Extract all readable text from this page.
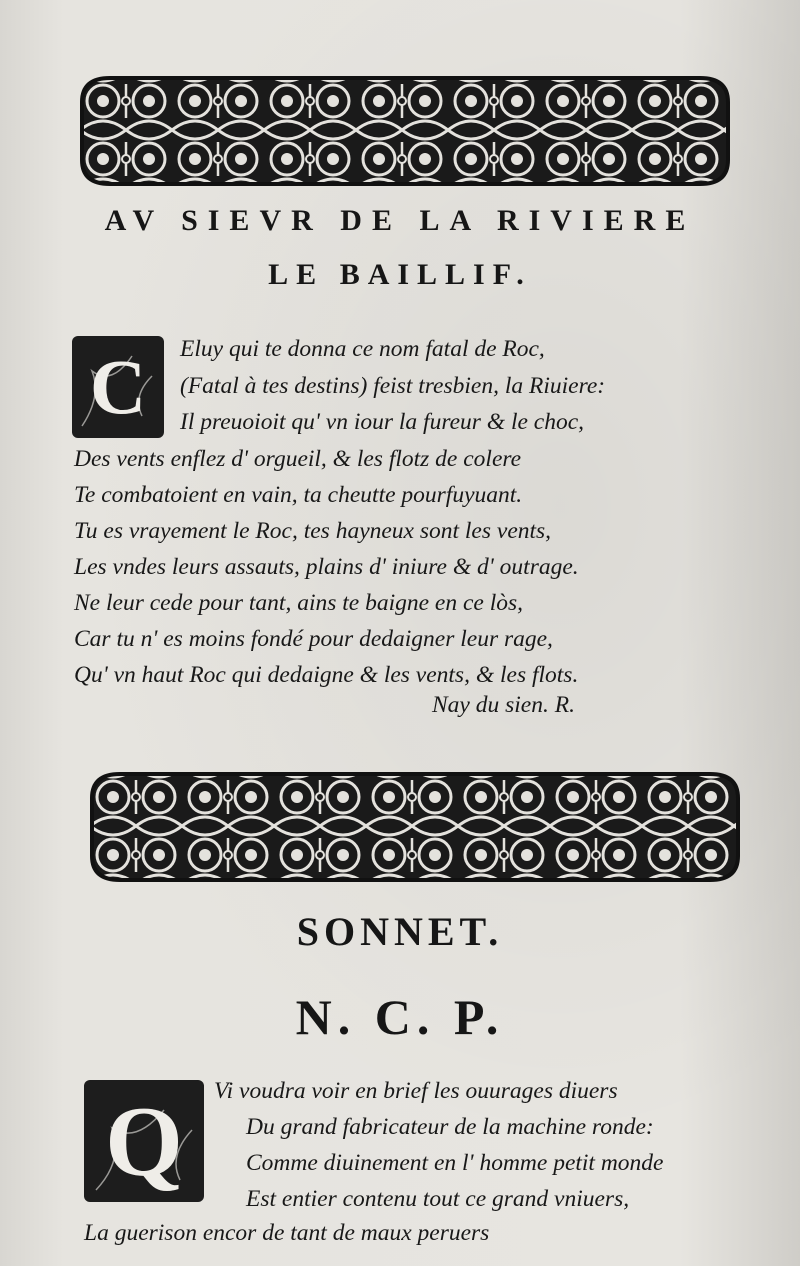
AV SIEVR DE LA RIVIERE
LE BAILLIF.
C Eluy qui te donna ce nom fatal de Roc,
(Fatal à tes destins) feist tresbien, la Riuiere:
Il preuoioit qu' vn iour la fureur & le choc,
Des vents enflez d' orgueil, & les flotz de colere
Te combatoient en vain, ta cheutte pourfuyuant.
Tu es vrayement le Roc, tes hayneux sont les vents,
Les vndes leurs assauts, plains d' iniure & d' outrage.
Ne leur cede pour tant, ains te baigne en ce lòs,
Car tu n' es moins fondé pour dedaigner leur rage,
Qu' vn haut Roc qui dedaigne & les vents, & les flots.
Nay du sien. R.
SONNET.
N. C. P.
Q Vi voudra voir en brief les ouurages diuers
Du grand fabricateur de la machine ronde:
Comme diuinement en l' homme petit monde
Est entier contenu tout ce grand vniuers,
La guerison encor de tant de maux peruers
